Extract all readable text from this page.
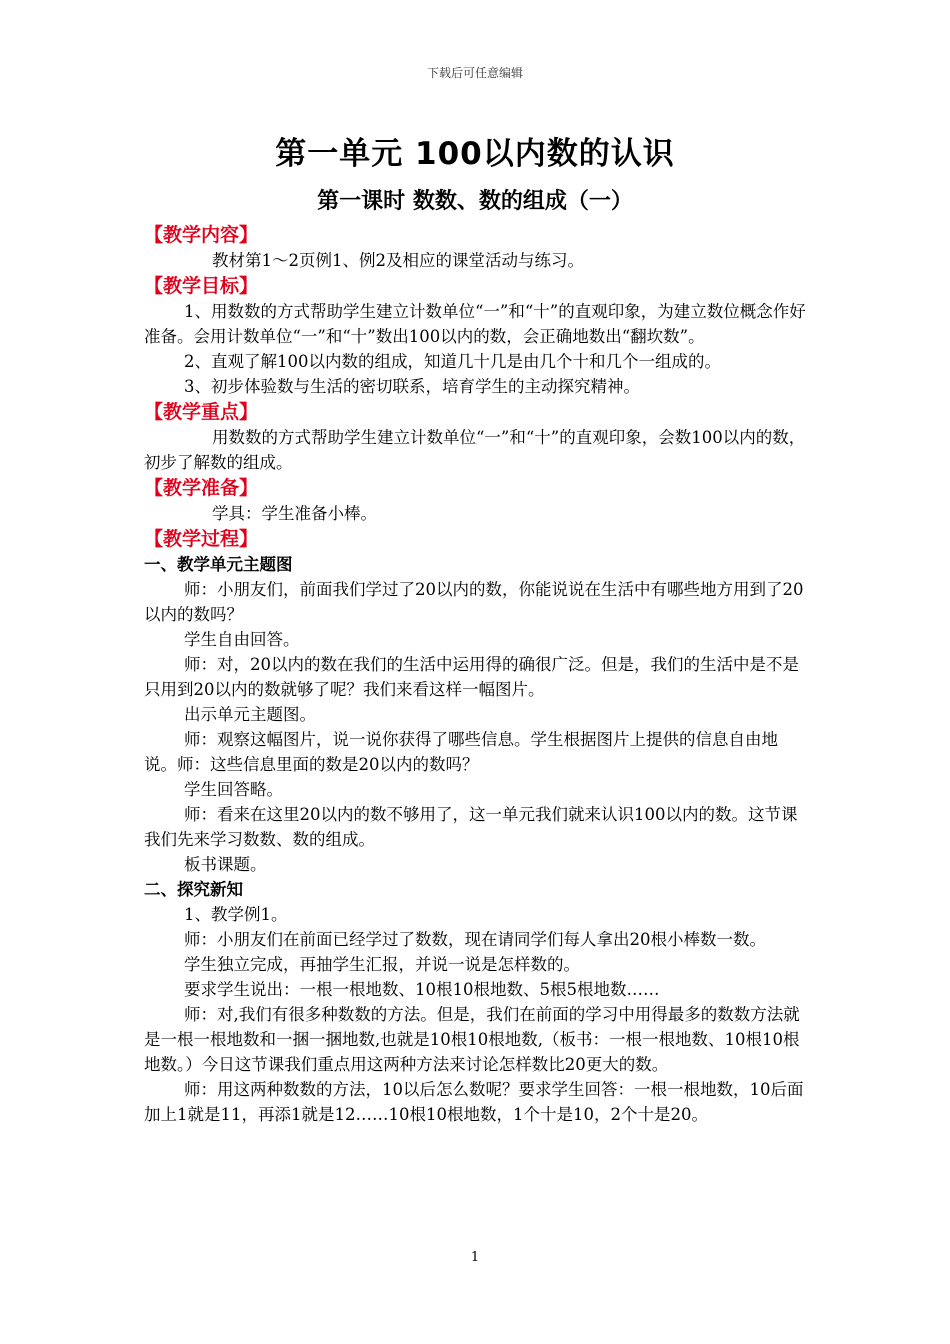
下载后可任意编辑
第一单元 100以内数的认识
第一课时 数数、数的组成（一）

【教学内容】

教材第1～2页例1、例2及相应的课堂活动与练习。

【教学目标】

1、用数数的方式帮助学生建立计数单位“一”和“十”的直观印象，为建立数位概念作好准备。会用计数单位“一”和“十”数出100以内的数，会正确地数出“翻坎数”。

2、直观了解100以内数的组成，知道几十几是由几个十和几个一组成的。

3、初步体验数与生活的密切联系，培育学生的主动探究精神。

【教学重点】

用数数的方式帮助学生建立计数单位“一”和“十”的直观印象，会数100以内的数，初步了解数的组成。

【教学准备】

学具：学生准备小棒。

【教学过程】

一、教学单元主题图

师：小朋友们，前面我们学过了20以内的数，你能说说在生活中有哪些地方用到了20以内的数吗？

学生自由回答。

师：对，20以内的数在我们的生活中运用得的确很广泛。但是，我们的生活中是不是只用到20以内的数就够了呢？我们来看这样一幅图片。

出示单元主题图。

师：观察这幅图片，说一说你获得了哪些信息。学生根据图片上提供的信息自由地说。师：这些信息里面的数是20以内的数吗？

学生回答略。

师：看来在这里20以内的数不够用了，这一单元我们就来认识100以内的数。这节课我们先来学习数数、数的组成。

板书课题。

二、探究新知

1、教学例1。

师：小朋友们在前面已经学过了数数，现在请同学们每人拿出20根小棒数一数。

学生独立完成，再抽学生汇报，并说一说是怎样数的。

要求学生说出：一根一根地数、10根10根地数、5根5根地数……

师：对,我们有很多种数数的方法。但是，我们在前面的学习中用得最多的数数方法就是一根一根地数和一捆一捆地数,也就是10根10根地数,（板书：一根一根地数、10根10根地数。）今日这节课我们重点用这两种方法来讨论怎样数比20更大的数。

师：用这两种数数的方法，10以后怎么数呢？要求学生回答：一根一根地数，10后面加上1就是11，再添1就是12……10根10根地数，1个十是10，2个十是20。

1
